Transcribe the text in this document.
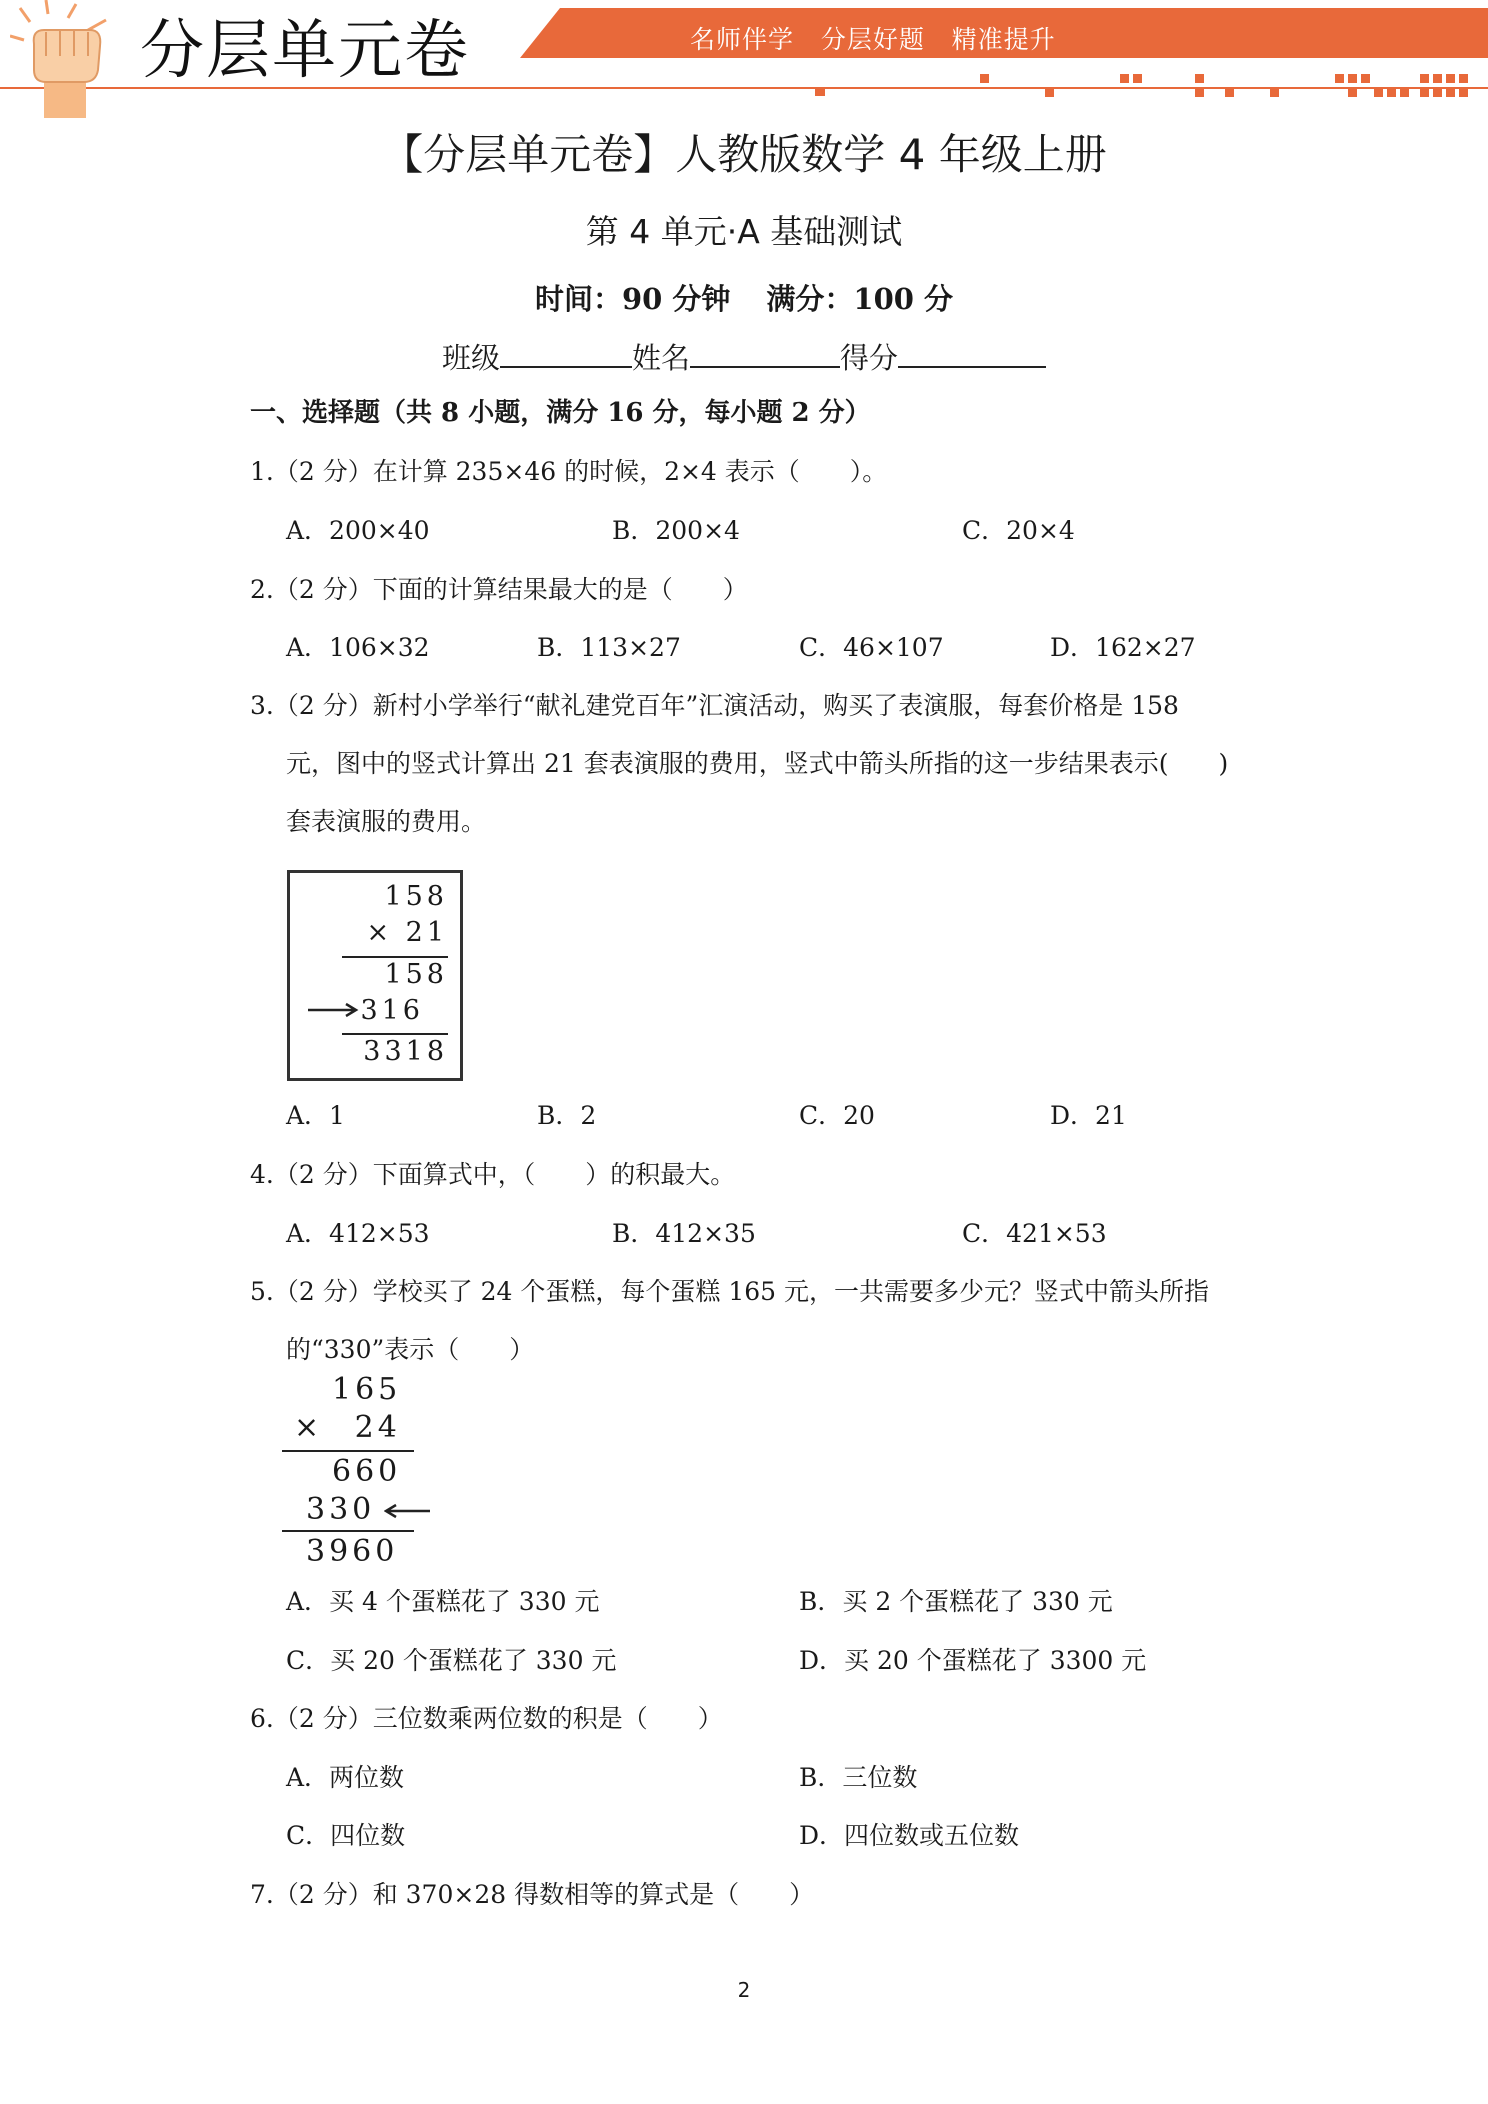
分层单元卷	名师伴学   分层好题   精准提升
【分层单元卷】人教版数学 4 年级上册
第 4 单元·A 基础测试
时间：90 分钟 满分：100 分
班级	姓名	得分
一、选择题（共 8 小题，满分 16 分，每小题 2 分）
1.（2 分）在计算 235×46 的时候，2×4 表示（　　）。
A．200×40	B．200×4	C．20×4
2.（2 分）下面的计算结果最大的是（　　）
A．106×32	B．113×27	C．46×107	D．162×27
3.（2 分）新村小学举行“献礼建党百年”汇演活动，购买了表演服，每套价格是 158
元，图中的竖式计算出 21 套表演服的费用，竖式中箭头所指的这一步结果表示(　　)
套表演服的费用。
158
× 21
158
316
3318
A．1	B．2	C．20	D．21
4.（2 分）下面算式中，（　　）的积最大。
A．412×53	B．412×35	C．421×53
5.（2 分）学校买了 24 个蛋糕，每个蛋糕 165 元，一共需要多少元？竖式中箭头所指
的“330”表示（　　）
165
× 24
660
330
3960
A．买 4 个蛋糕花了 330 元	B．买 2 个蛋糕花了 330 元
C．买 20 个蛋糕花了 330 元	D．买 20 个蛋糕花了 3300 元
6.（2 分）三位数乘两位数的积是（　　）
A．两位数	B．三位数
C．四位数	D．四位数或五位数
7.（2 分）和 370×28 得数相等的算式是（　　）
2
